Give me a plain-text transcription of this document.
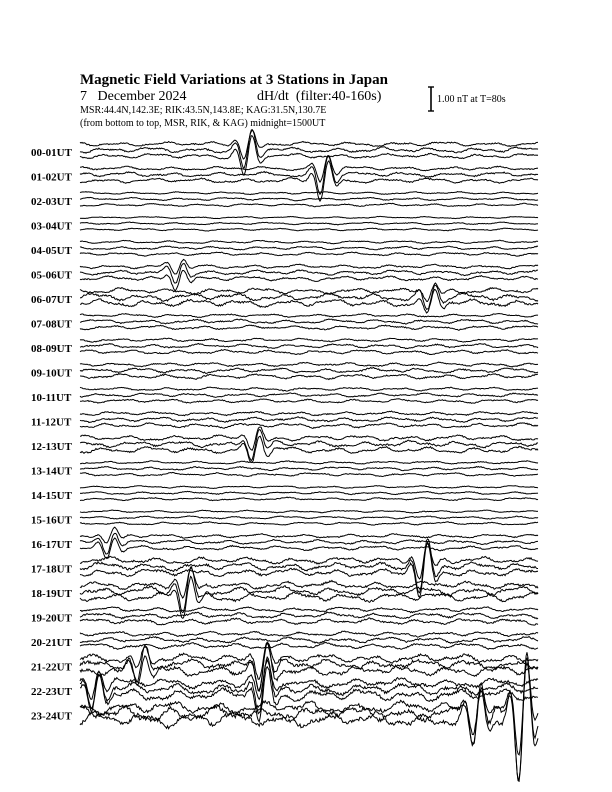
00-01UT
01-02UT
02-03UT
03-04UT
04-05UT
05-06UT
06-07UT
07-08UT
08-09UT
09-10UT
10-11UT
11-12UT
12-13UT
13-14UT
14-15UT
15-16UT
16-17UT
17-18UT
18-19UT
19-20UT
20-21UT
21-22UT
22-23UT
23-24UT
Magnetic Field Variations at 3 Stations in Japan

7   December 2024

	dH/dt  (filter:40-160s)

MSR:44.4N,142.3E; RIK:43.5N,143.8E; KAG:31.5N,130.7E
(from bottom to top, MSR, RIK, & KAG) midnight=1500UT
1.00 nT at T=80s
